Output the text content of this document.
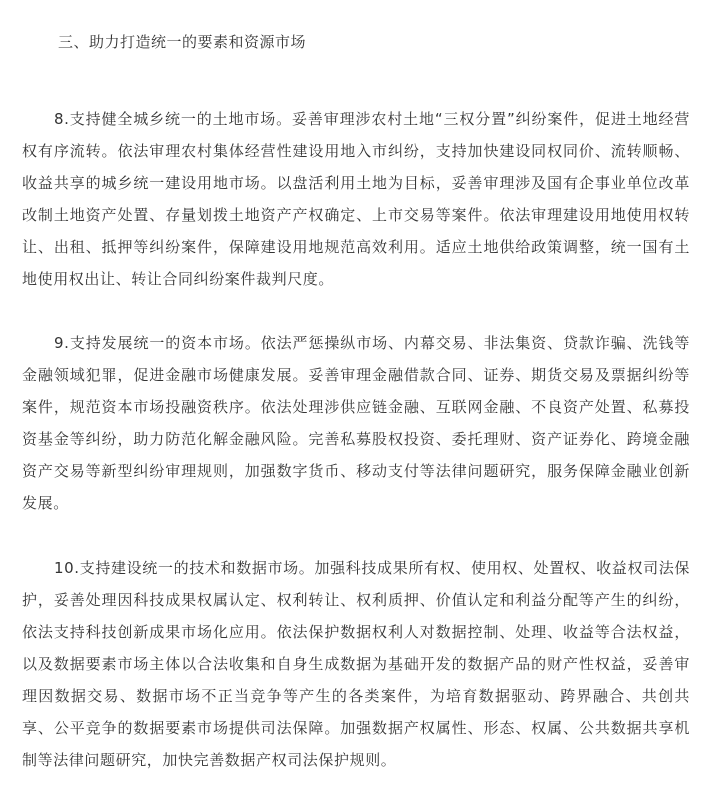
三、助力打造统一的要素和资源市场

8.支持健全城乡统一的土地市场。妥善审理涉农村土地“三权分置”纠纷案件，促进土地经营权有序流转。依法审理农村集体经营性建设用地入市纠纷，支持加快建设同权同价、流转顺畅、收益共享的城乡统一建设用地市场。以盘活利用土地为目标，妥善审理涉及国有企事业单位改革改制土地资产处置、存量划拨土地资产产权确定、上市交易等案件。依法审理建设用地使用权转让、出租、抵押等纠纷案件，保障建设用地规范高效利用。适应土地供给政策调整，统一国有土地使用权出让、转让合同纠纷案件裁判尺度。

9.支持发展统一的资本市场。依法严惩操纵市场、内幕交易、非法集资、贷款诈骗、洗钱等金融领域犯罪，促进金融市场健康发展。妥善审理金融借款合同、证券、期货交易及票据纠纷等案件，规范资本市场投融资秩序。依法处理涉供应链金融、互联网金融、不良资产处置、私募投资基金等纠纷，助力防范化解金融风险。完善私募股权投资、委托理财、资产证券化、跨境金融资产交易等新型纠纷审理规则，加强数字货币、移动支付等法律问题研究，服务保障金融业创新发展。

10.支持建设统一的技术和数据市场。加强科技成果所有权、使用权、处置权、收益权司法保护，妥善处理因科技成果权属认定、权利转让、权利质押、价值认定和利益分配等产生的纠纷，依法支持科技创新成果市场化应用。依法保护数据权利人对数据控制、处理、收益等合法权益，以及数据要素市场主体以合法收集和自身生成数据为基础开发的数据产品的财产性权益，妥善审理因数据交易、数据市场不正当竞争等产生的各类案件，为培育数据驱动、跨界融合、共创共享、公平竞争的数据要素市场提供司法保障。加强数据产权属性、形态、权属、公共数据共享机制等法律问题研究，加快完善数据产权司法保护规则。
